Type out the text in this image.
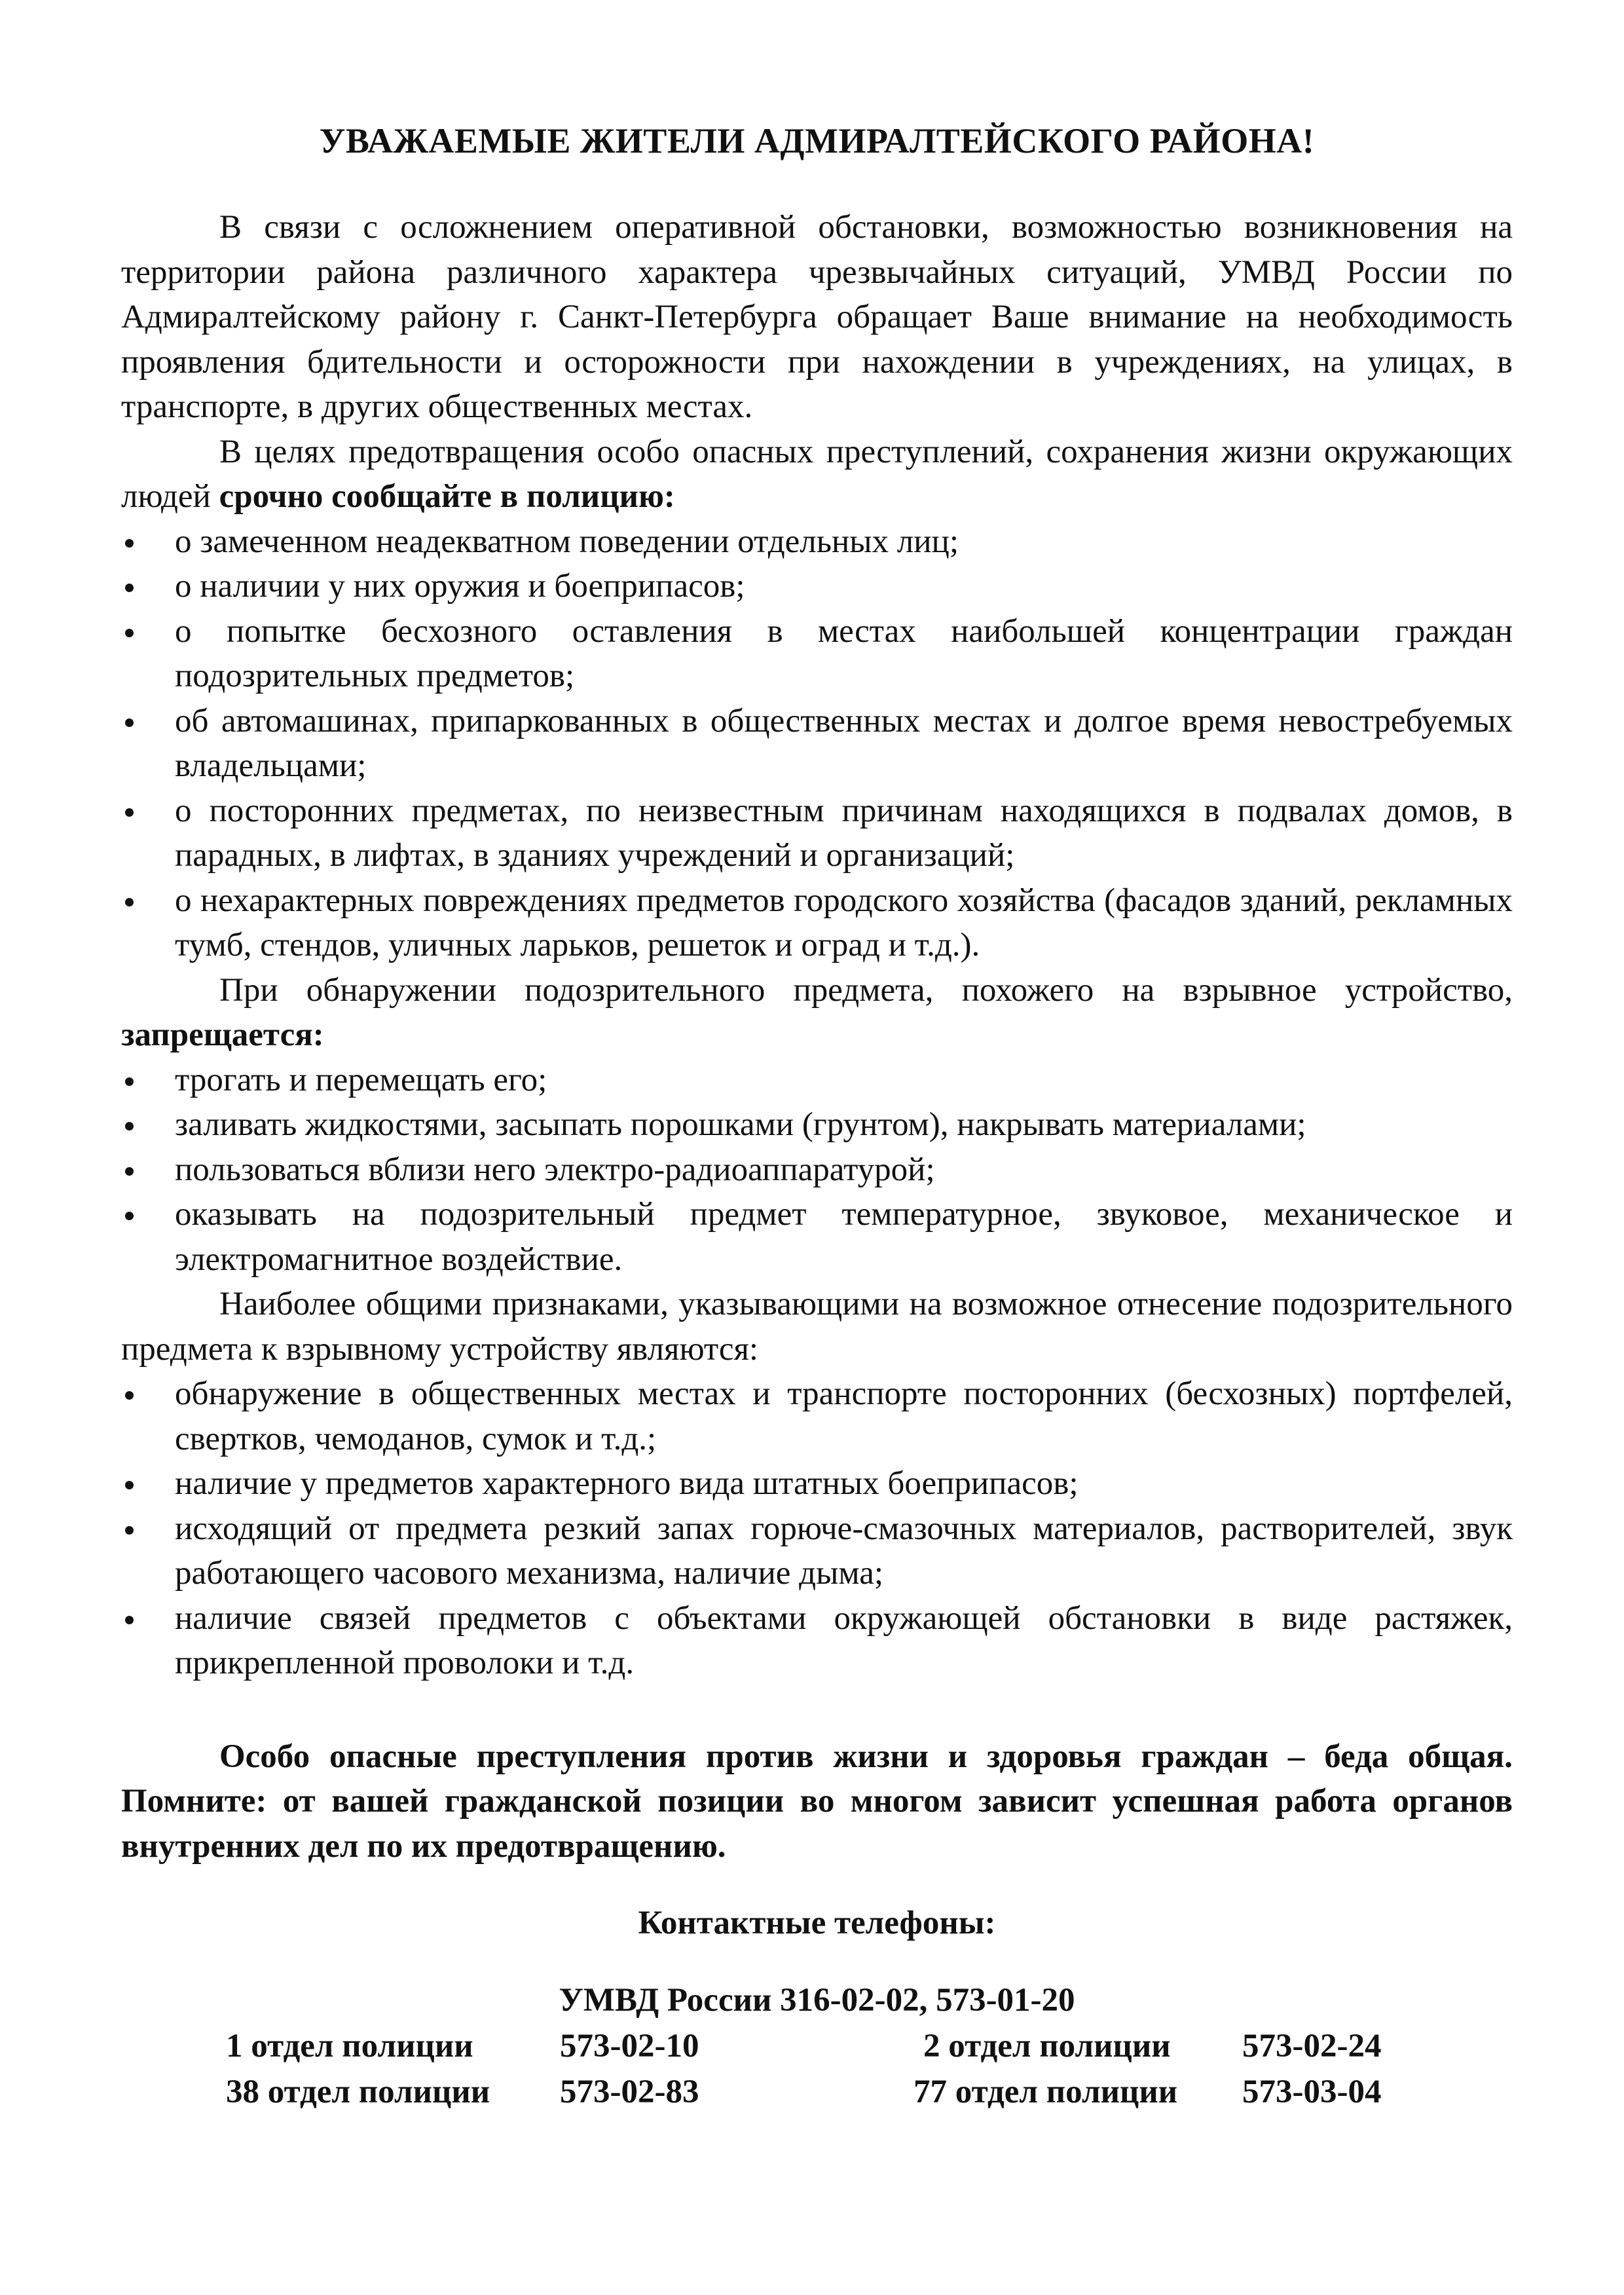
УВАЖАЕМЫЕ ЖИТЕЛИ АДМИРАЛТЕЙСКОГО РАЙОНА!

В связи с осложнением оперативной обстановки, возможностью возникновения на территории района различного характера чрезвычайных ситуаций, УМВД России по Адмиралтейскому району г. Санкт-Петербурга обращает Ваше внимание на необходимость проявления бдительности и осторожности при нахождении в учреждениях, на улицах, в транспорте, в других общественных местах.

В целях предотвращения особо опасных преступлений, сохранения жизни окружающих людей срочно сообщайте в полицию:

о замеченном неадекватном поведении отдельных лиц;
о наличии у них оружия и боеприпасов;
о попытке бесхозного оставления в местах наибольшей концентрации граждан подозрительных предметов;
об автомашинах, припаркованных в общественных местах и долгое время невостребуемых владельцами;
о посторонних предметах, по неизвестным причинам находящихся в подвалах домов, в парадных, в лифтах, в зданиях учреждений и организаций;
о нехарактерных повреждениях предметов городского хозяйства (фасадов зданий, рекламных тумб, стендов, уличных ларьков, решеток и оград и т.д.).

При обнаружении подозрительного предмета, похожего на взрывное устройство, запрещается:

трогать и перемещать его;
заливать жидкостями, засыпать порошками (грунтом), накрывать материалами;
пользоваться вблизи него электро-радиоаппаратурой;
оказывать на подозрительный предмет температурное, звуковое, механическое и электромагнитное воздействие.

Наиболее общими признаками, указывающими на возможное отнесение подозрительного предмета к взрывному устройству являются:

обнаружение в общественных местах и транспорте посторонних (бесхозных) портфелей, свертков, чемоданов, сумок и т.д.;
наличие у предметов характерного вида штатных боеприпасов;
исходящий от предмета резкий запах горюче-смазочных материалов, растворителей, звук работающего часового механизма, наличие дыма;
наличие связей предметов с объектами окружающей обстановки в виде растяжек, прикрепленной проволоки и т.д.

Особо опасные преступления против жизни и здоровья граждан – беда общая. Помните: от вашей гражданской позиции во многом зависит успешная работа органов внутренних дел по их предотвращению.

Контактные телефоны:
УМВД России 316-02-02, 573-01-20
1 отдел полиции	573-02-10	2 отдел полиции 573-02-24
38 отдел полиции 573-02-83	77 отдел полиции 573-03-04
